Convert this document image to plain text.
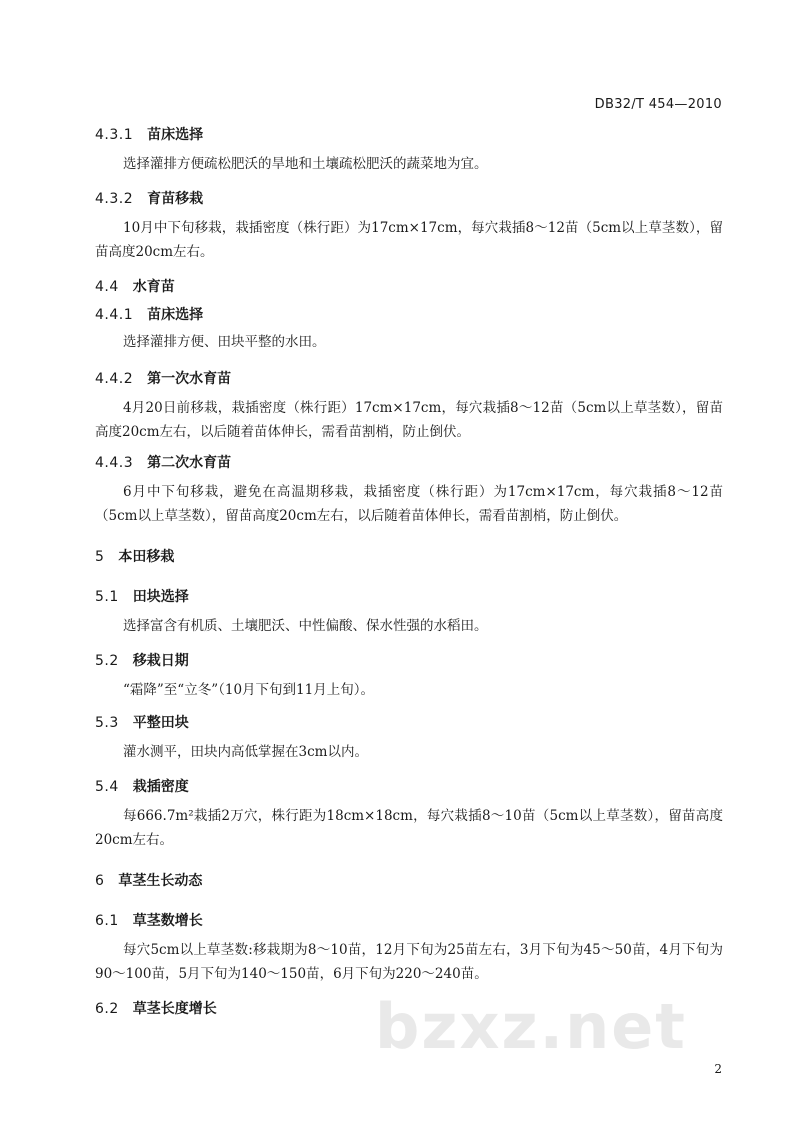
DB32/T 454—2010
4.3.1 苗床选择
选择灌排方便疏松肥沃的旱地和土壤疏松肥沃的蔬菜地为宜。
4.3.2 育苗移栽
10月中下旬移栽，栽插密度（株行距）为17cm×17cm，每穴栽插8～12苗（5cm以上草茎数），留苗高度20cm左右。
4.4 水育苗
4.4.1 苗床选择
选择灌排方便、田块平整的水田。
4.4.2 第一次水育苗
4月20日前移栽，栽插密度（株行距）17cm×17cm，每穴栽插8～12苗（5cm以上草茎数），留苗高度20cm左右，以后随着苗体伸长，需看苗割梢，防止倒伏。
4.4.3 第二次水育苗
6月中下旬移栽，避免在高温期移栽，栽插密度（株行距）为17cm×17cm，每穴栽插8～12苗（5cm以上草茎数），留苗高度20cm左右，以后随着苗体伸长，需看苗割梢，防止倒伏。
5 本田移栽
5.1 田块选择
选择富含有机质、土壤肥沃、中性偏酸、保水性强的水稻田。
5.2 移栽日期
“霜降”至“立冬”（10月下旬到11月上旬）。
5.3 平整田块
灌水测平，田块内高低掌握在3cm以内。
5.4 栽插密度
每666.7m²栽插2万穴，株行距为18cm×18cm，每穴栽插8～10苗（5cm以上草茎数），留苗高度20cm左右。
6 草茎生长动态
6.1 草茎数增长
每穴5cm以上草茎数:移栽期为8～10苗，12月下旬为25苗左右，3月下旬为45～50苗，4月下旬为90～100苗，5月下旬为140～150苗，6月下旬为220～240苗。
6.2 草茎长度增长	bzxz.net
2
